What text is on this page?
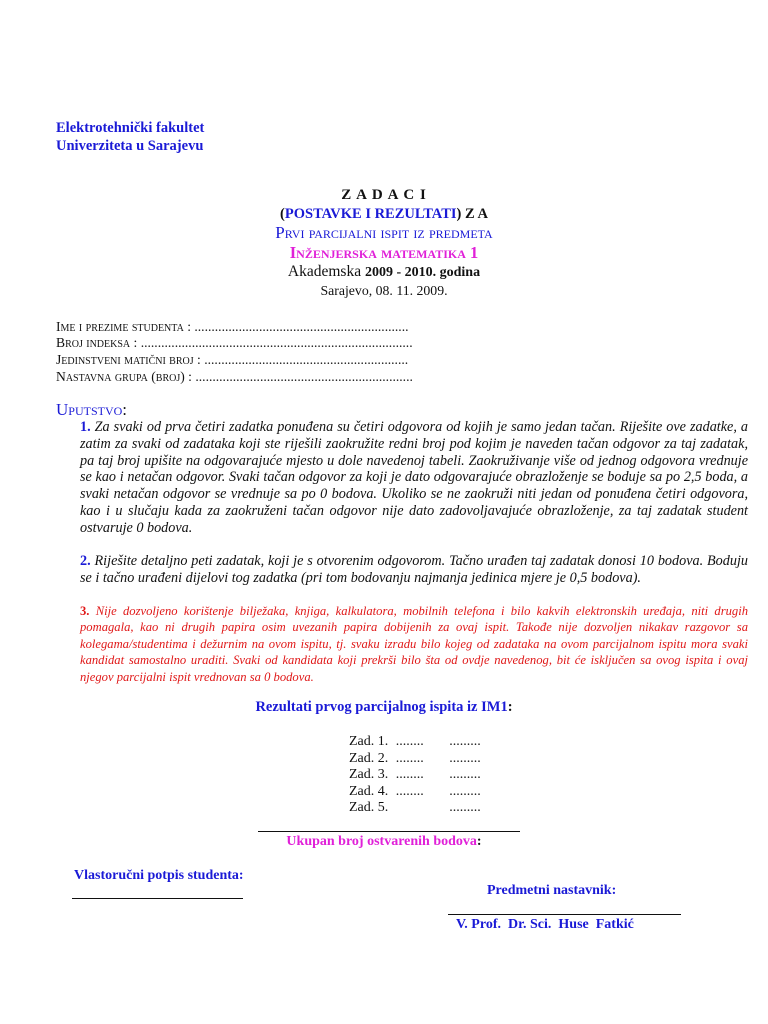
Elektrotehnički fakultet
Univerziteta u Sarajevu
Z A D A C I
(POSTAVKE I REZULTATI) Z A
Prvi parcijalni ispit iz predmeta
Inženjerska matematika 1
Akademska 2009 - 2010. godina
Sarajevo, 08. 11. 2009.
Ime i prezime studenta : ...............................................................
Broj indeksa : ................................................................................
Jedinstveni matični broj : ............................................................
Nastavna grupa (broj) : ................................................................
Uputstvo:
1. Za svaki od prva četiri zadatka ponuđena su četiri odgovora od kojih je samo jedan tačan. Riješite ove zadatke, a zatim za svaki od zadataka koji ste riješili zaokružite redni broj pod kojim je naveden tačan odgovor za taj zadatak, pa taj broj upišite na odgovarajuće mjesto u dole navedenoj tabeli. Zaokruživanje više od jednog odgovora vrednuje se kao i netačan odgovor. Svaki tačan odgovor za koji je dato odgovarajuće obrazloženje se boduje sa po 2,5 boda, a svaki netačan odgovor se vrednuje sa po 0 bodova. Ukoliko se ne zaokruži niti jedan od ponuđena četiri odgovora, kao i u slučaju kada za zaokruženi tačan odgovor nije dato zadovoljavajuće obrazloženje, za taj zadatak student ostvaruje 0 bodova.
2. Riješite detaljno peti zadatak, koji je s otvorenim odgovorom. Tačno urađen taj zadatak donosi 10 bodova. Boduju se i tačno urađeni dijelovi tog zadatka (pri tom bodovanju najmanja jedinica mjere je 0,5 bodova).
3. Nije dozvoljeno korištenje bilježaka, knjiga, kalkulatora, mobilnih telefona i bilo kakvih elektronskih uređaja, niti drugih pomagala, kao ni drugih papira osim uvezanih papira dobijenih za ovaj ispit. Takođe nije dozvoljen nikakav razgovor sa kolegama/studentima i dežurnim na ovom ispitu, tj. svaku izradu bilo kojeg od zadataka na ovom parcijalnom ispitu mora svaki kandidat samostalno uraditi. Svaki od kandidata koji prekrši bilo šta od ovdje navedenog, bit će isključen sa ovog ispita i ovaj njegov parcijalni ispit vrednovan sa 0 bodova.
Rezultati prvog parcijalnog ispita iz IM1:
Zad. 1. ........ .........
Zad. 2. ........ .........
Zad. 3. ........ .........
Zad. 4. ........ .........
Zad. 5.	.........
Ukupan broj ostvarenih bodova:
Vlastoručni potpis studenta:
Predmetni nastavnik:
V. Prof.  Dr. Sci.  Huse  Fatkić
